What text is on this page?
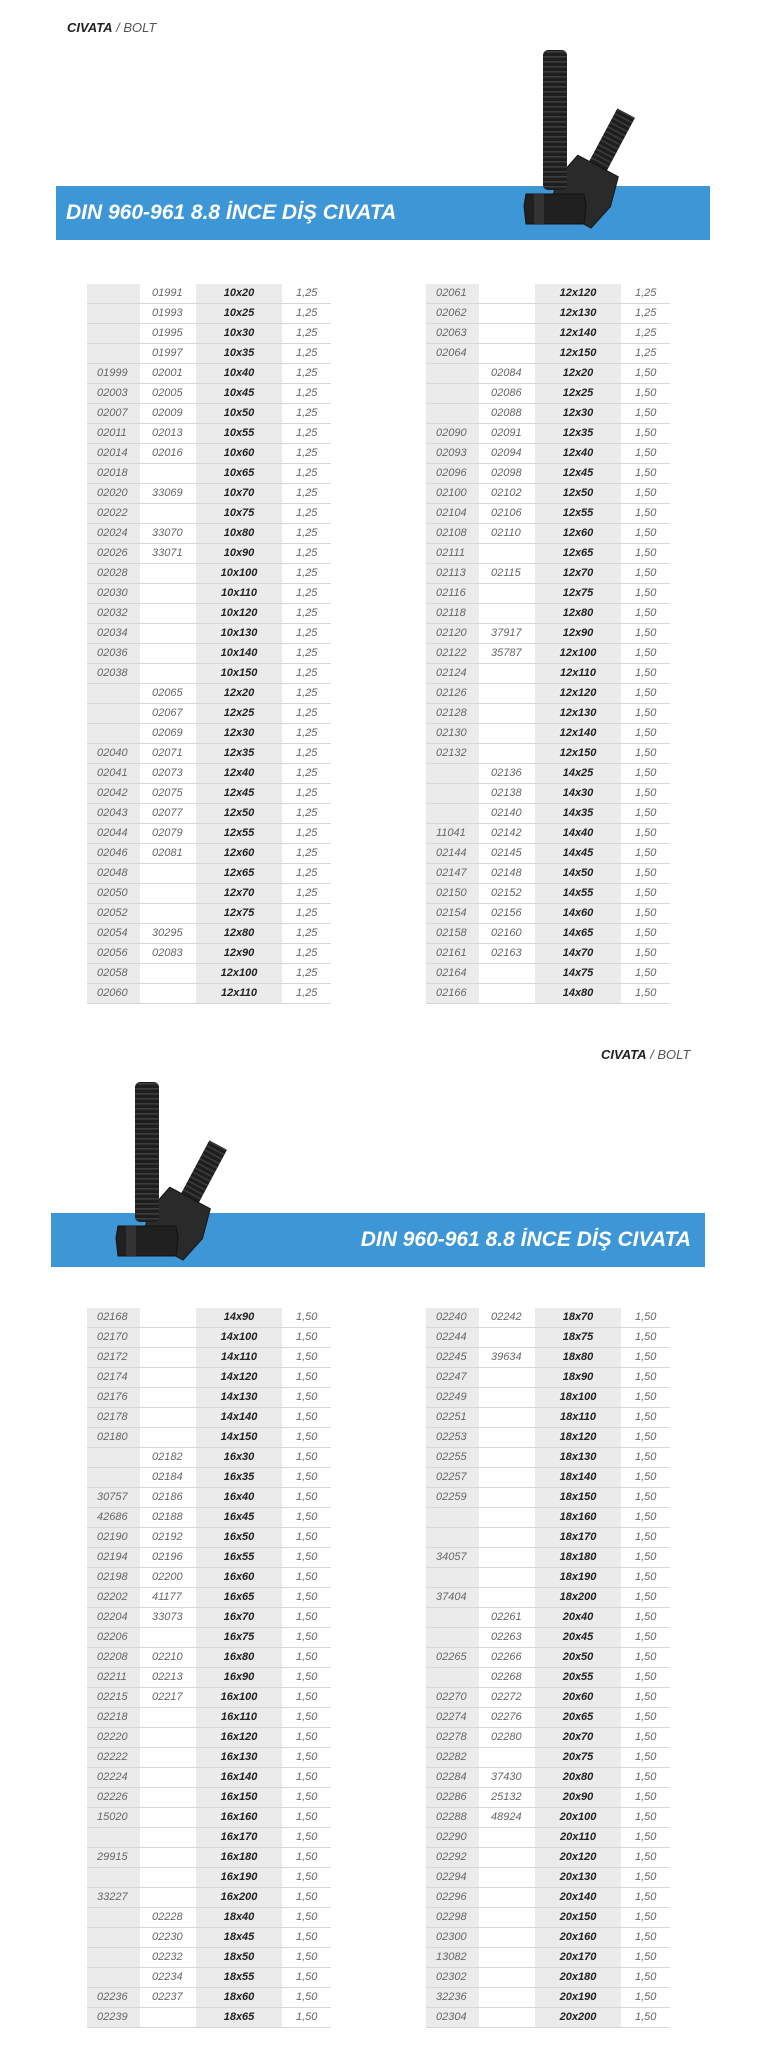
CIVATA / BOLT
DIN 960-961 8.8 İNCE DİŞ CIVATA
	01991	10x20	1,25
	01993	10x25	1,25
	01995	10x30	1,25
	01997	10x35	1,25
01999	02001	10x40	1,25
02003	02005	10x45	1,25
02007	02009	10x50	1,25
02011	02013	10x55	1,25
02014	02016	10x60	1,25
02018		10x65	1,25
02020	33069	10x70	1,25
02022		10x75	1,25
02024	33070	10x80	1,25
02026	33071	10x90	1,25
02028		10x100	1,25
02030		10x110	1,25
02032		10x120	1,25
02034		10x130	1,25
02036		10x140	1,25
02038		10x150	1,25
	02065	12x20	1,25
	02067	12x25	1,25
	02069	12x30	1,25
02040	02071	12x35	1,25
02041	02073	12x40	1,25
02042	02075	12x45	1,25
02043	02077	12x50	1,25
02044	02079	12x55	1,25
02046	02081	12x60	1,25
02048		12x65	1,25
02050		12x70	1,25
02052		12x75	1,25
02054	30295	12x80	1,25
02056	02083	12x90	1,25
02058		12x100	1,25
02060		12x110	1,25
02061		12x120	1,25
02062		12x130	1,25
02063		12x140	1,25
02064		12x150	1,25
	02084	12x20	1,50
	02086	12x25	1,50
	02088	12x30	1,50
02090	02091	12x35	1,50
02093	02094	12x40	1,50
02096	02098	12x45	1,50
02100	02102	12x50	1,50
02104	02106	12x55	1,50
02108	02110	12x60	1,50
02111		12x65	1,50
02113	02115	12x70	1,50
02116		12x75	1,50
02118		12x80	1,50
02120	37917	12x90	1,50
02122	35787	12x100	1,50
02124		12x110	1,50
02126		12x120	1,50
02128		12x130	1,50
02130		12x140	1,50
02132		12x150	1,50
	02136	14x25	1,50
	02138	14x30	1,50
	02140	14x35	1,50
11041	02142	14x40	1,50
02144	02145	14x45	1,50
02147	02148	14x50	1,50
02150	02152	14x55	1,50
02154	02156	14x60	1,50
02158	02160	14x65	1,50
02161	02163	14x70	1,50
02164		14x75	1,50
02166		14x80	1,50
CIVATA / BOLT
DIN 960-961 8.8 İNCE DİŞ CIVATA
02168		14x90	1,50
02170		14x100	1,50
02172		14x110	1,50
02174		14x120	1,50
02176		14x130	1,50
02178		14x140	1,50
02180		14x150	1,50
	02182	16x30	1,50
	02184	16x35	1,50
30757	02186	16x40	1,50
42686	02188	16x45	1,50
02190	02192	16x50	1,50
02194	02196	16x55	1,50
02198	02200	16x60	1,50
02202	41177	16x65	1,50
02204	33073	16x70	1,50
02206		16x75	1,50
02208	02210	16x80	1,50
02211	02213	16x90	1,50
02215	02217	16x100	1,50
02218		16x110	1,50
02220		16x120	1,50
02222		16x130	1,50
02224		16x140	1,50
02226		16x150	1,50
15020		16x160	1,50
		16x170	1,50
29915		16x180	1,50
		16x190	1,50
33227		16x200	1,50
	02228	18x40	1,50
	02230	18x45	1,50
	02232	18x50	1,50
	02234	18x55	1,50
02236	02237	18x60	1,50
02239		18x65	1,50
02240	02242	18x70	1,50
02244		18x75	1,50
02245	39634	18x80	1,50
02247		18x90	1,50
02249		18x100	1,50
02251		18x110	1,50
02253		18x120	1,50
02255		18x130	1,50
02257		18x140	1,50
02259		18x150	1,50
		18x160	1,50
		18x170	1,50
34057		18x180	1,50
		18x190	1,50
37404		18x200	1,50
	02261	20x40	1,50
	02263	20x45	1,50
02265	02266	20x50	1,50
	02268	20x55	1,50
02270	02272	20x60	1,50
02274	02276	20x65	1,50
02278	02280	20x70	1,50
02282		20x75	1,50
02284	37430	20x80	1,50
02286	25132	20x90	1,50
02288	48924	20x100	1,50
02290		20x110	1,50
02292		20x120	1,50
02294		20x130	1,50
02296		20x140	1,50
02298		20x150	1,50
02300		20x160	1,50
13082		20x170	1,50
02302		20x180	1,50
32236		20x190	1,50
02304		20x200	1,50
